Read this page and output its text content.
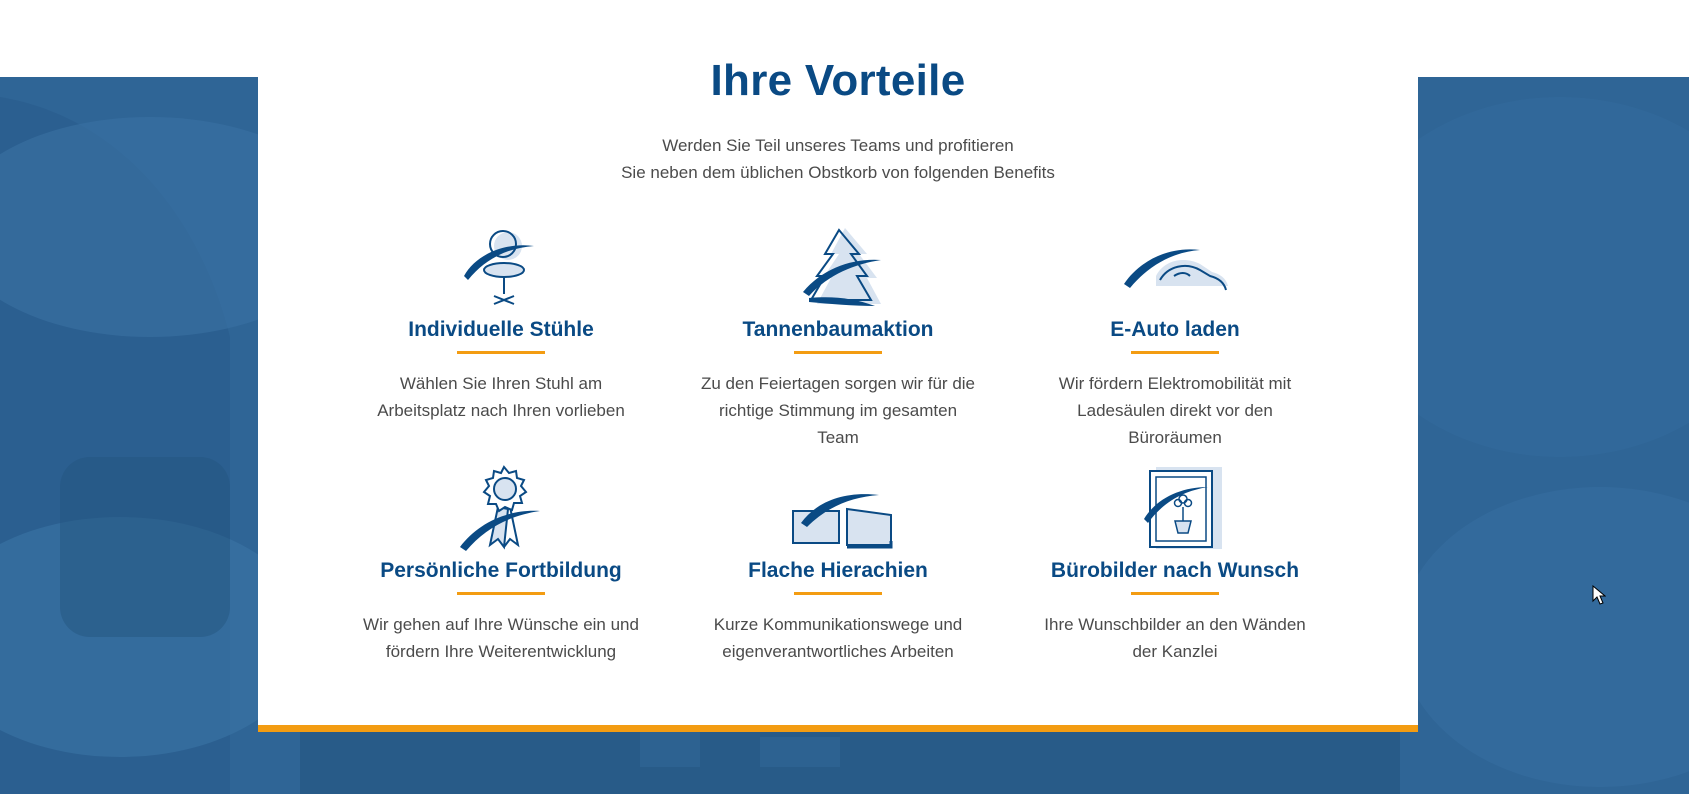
Ihre Vorteile
Werden Sie Teil unseres Teams und profitieren
Sie neben dem üblichen Obstkorb von folgenden Benefits
Individuelle Stühle
Wählen Sie Ihren Stuhl am
Arbeitsplatz nach Ihren vorlieben
Tannenbaumaktion
Zu den Feiertagen sorgen wir für die
richtige Stimmung im gesamten
Team
E-Auto laden
Wir fördern Elektromobilität mit
Ladesäulen direkt vor den
Büroräumen
Persönliche Fortbildung
Wir gehen auf Ihre Wünsche ein und
fördern Ihre Weiterentwicklung
Flache Hierachien
Kurze Kommunikationswege und
eigenverantwortliches Arbeiten
Bürobilder nach Wunsch
Ihre Wunschbilder an den Wänden
der Kanzlei
